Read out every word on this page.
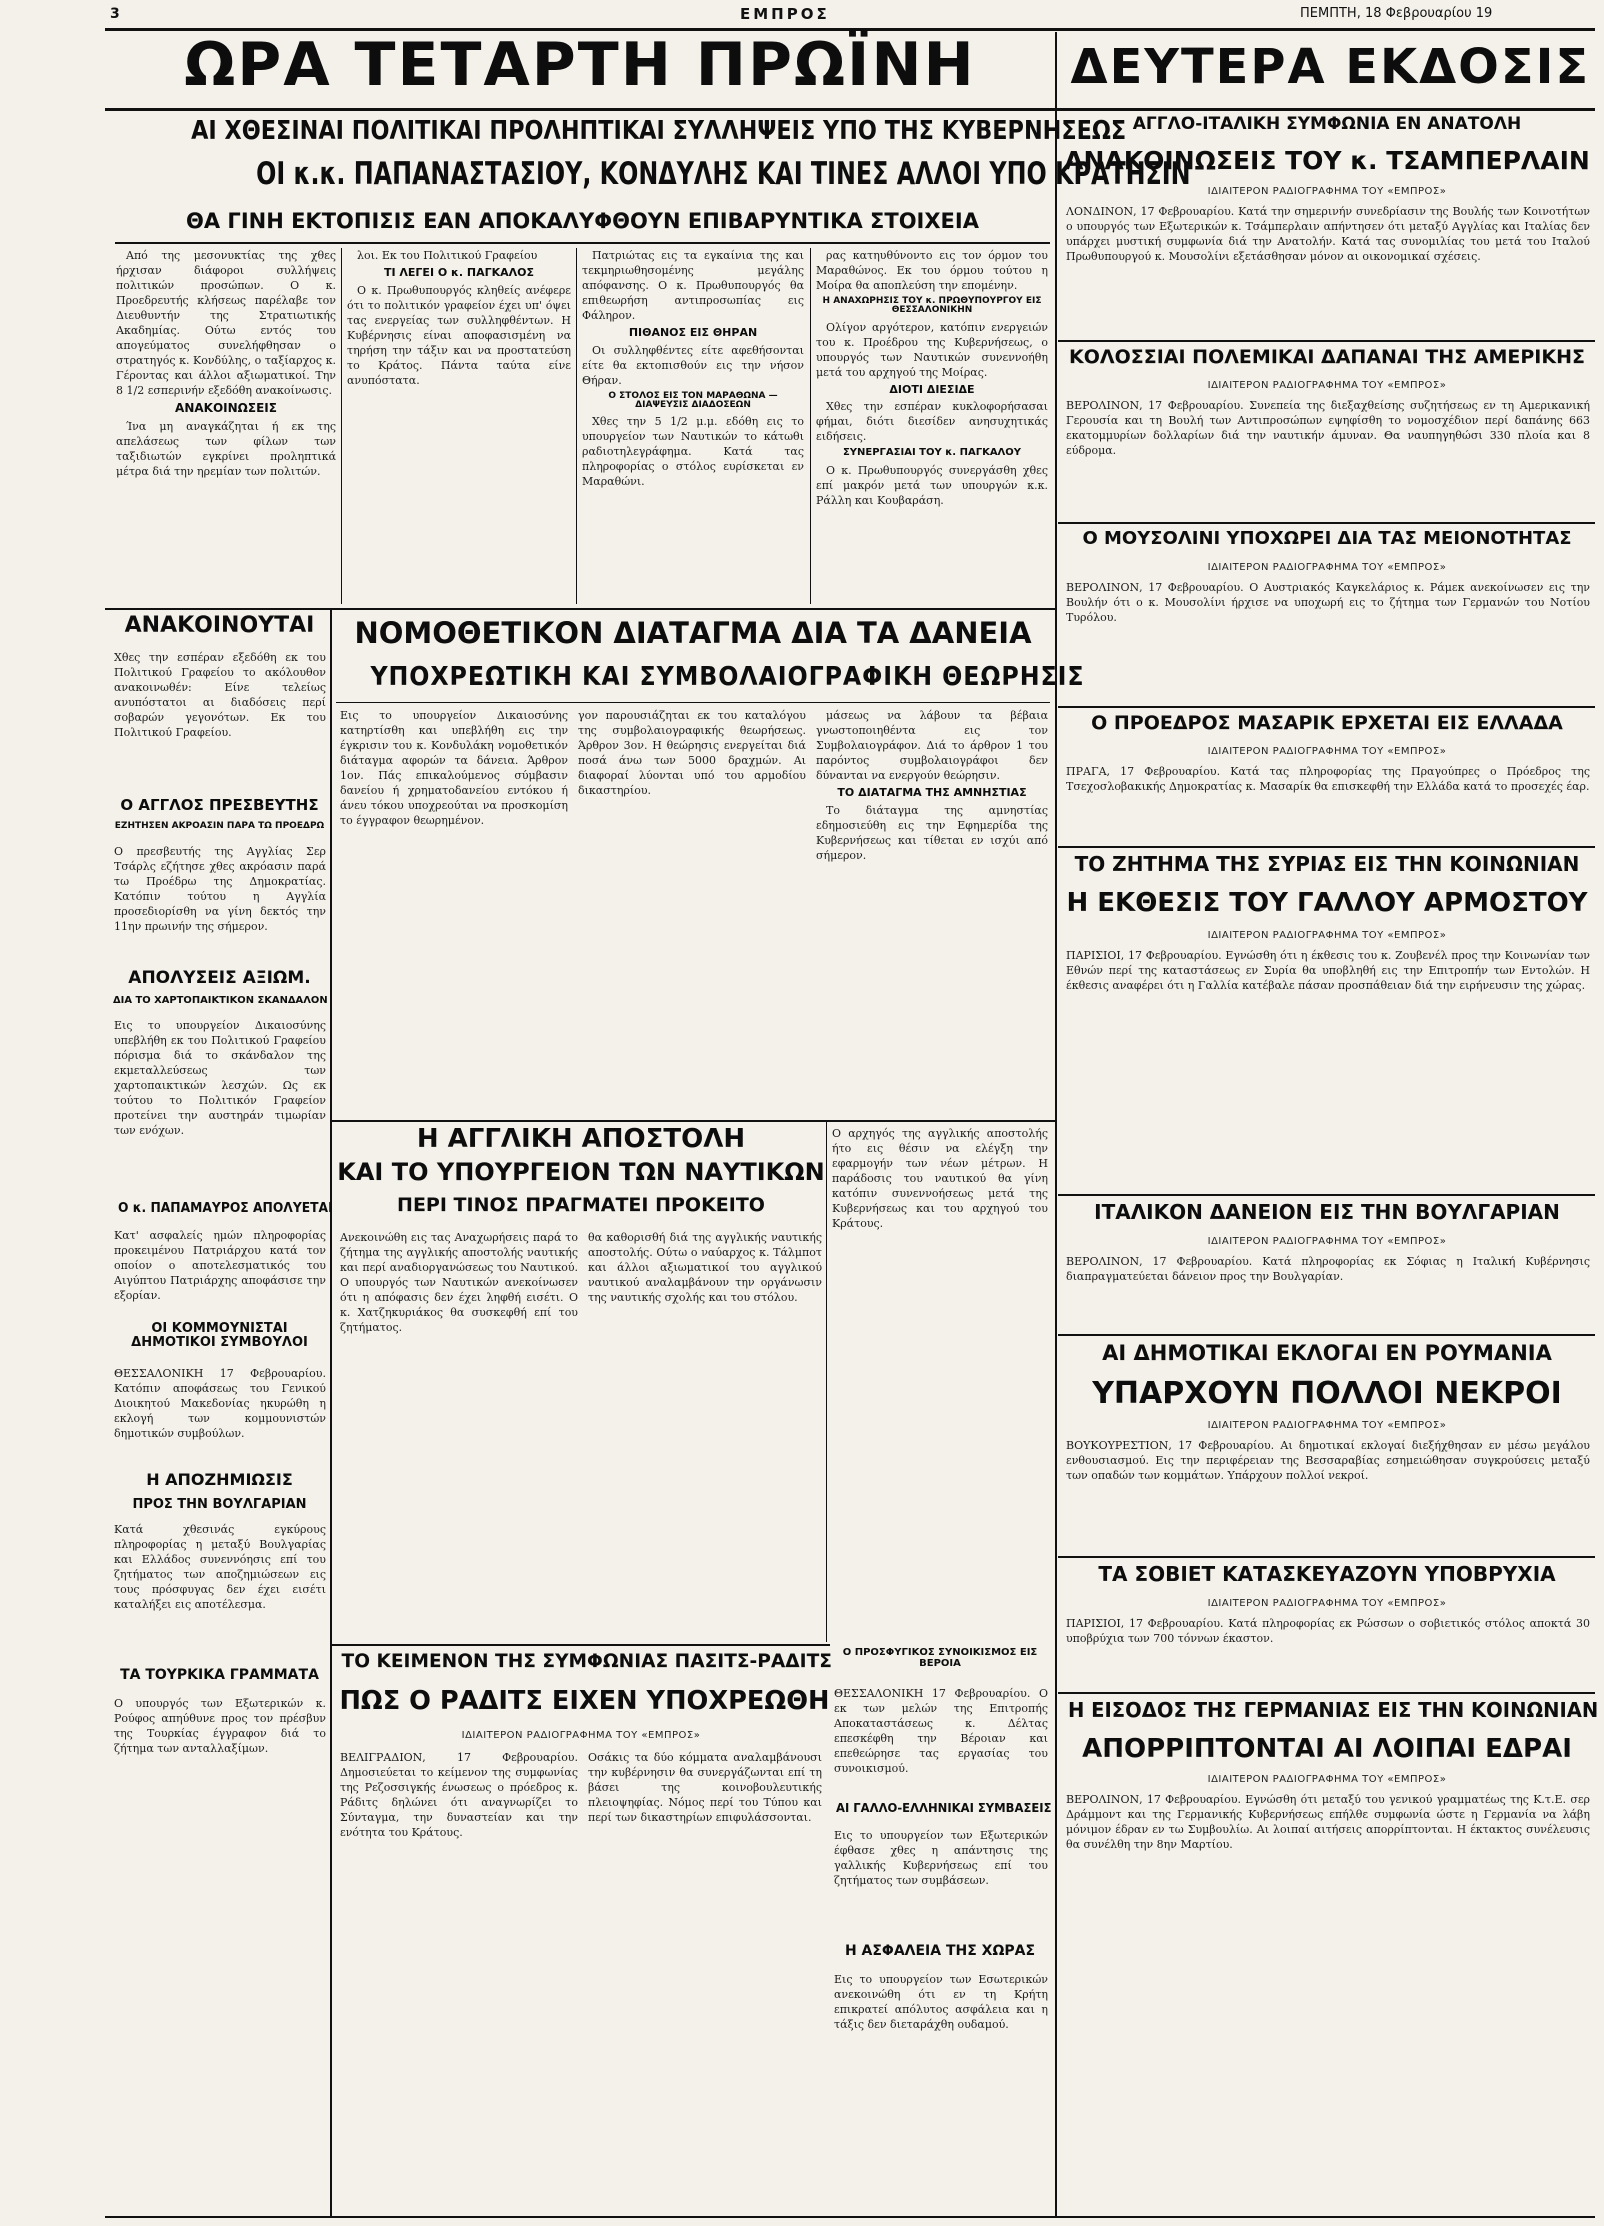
3	ΕΜΠΡΟΣ	ΠΕΜΠΤΗ, 18 Φεβρουαρίου 19
ΩΡΑ ΤΕΤΑΡΤΗ ΠΡΩΪΝΗ	ΔΕΥΤΕΡΑ ΕΚΔΟΣΙΣ
ΑΙ ΧΘΕΣΙΝΑΙ ΠΟΛΙΤΙΚΑΙ ΠΡΟΛΗΠΤΙΚΑΙ ΣΥΛΛΗΨΕΙΣ ΥΠΟ ΤΗΣ ΚΥΒΕΡΝΗΣΕΩΣ
ΟΙ κ.κ. ΠΑΠΑΝΑΣΤΑΣΙΟΥ, ΚΟΝΔΥΛΗΣ ΚΑΙ ΤΙΝΕΣ ΑΛΛΟΙ ΥΠΟ ΚΡΑΤΗΣΙΝ
ΘΑ ΓΙΝΗ ΕΚΤΟΠΙΣΙΣ ΕΑΝ ΑΠΟΚΑΛΥΦΘΟΥΝ ΕΠΙΒΑΡΥΝΤΙΚΑ ΣΤΟΙΧΕΙΑ

Από της μεσονυκτίας της χθες ήρχισαν διάφοροι συλλήψεις πολιτικών προσώπων. Ο κ. Προεδρευτής κλήσεως παρέλαβε τον Διευθυντήν της Στρατιωτικής Ακαδημίας. Ούτω εντός του απογεύματος συνελήφθησαν ο στρατηγός κ. Κονδύλης, ο ταξίαρχος κ. Γέροντας και άλλοι αξιωματικοί. Την 8 1/2 εσπερινήν εξεδόθη ανακοίνωσις.

ΑΝΑΚΟΙΝΩΣΕΙΣ

Ίνα μη αναγκάζηται ή εκ της απελάσεως των φίλων των ταξιδιωτών εγκρίνει προληπτικά μέτρα διά την ηρεμίαν των πολιτών.

λοι. Εκ του Πολιτικού Γραφείου

ΤΙ ΛΕΓΕΙ Ο κ. ΠΑΓΚΑΛΟΣ

Ο κ. Πρωθυπουργός κληθείς ανέφερε ότι το πολιτικόν γραφείον έχει υπ' όψει τας ενεργείας των συλληφθέντων. Η Κυβέρνησις είναι αποφασισμένη να τηρήση την τάξιν και να προστατεύση το Κράτος. Πάντα ταύτα είνε ανυπόστατα.

Πατριώτας εις τα εγκαίνια της και τεκμηριωθησομένης μεγάλης απόφανσης. Ο κ. Πρωθυπουργός θα επιθεωρήση αντιπροσωπίας εις Φάληρον.

ΠΙΘΑΝΟΣ ΕΙΣ ΘΗΡΑΝ

Οι συλληφθέντες είτε αφεθήσονται είτε θα εκτοπισθούν εις την νήσον Θήραν.

Ο ΣΤΟΛΟΣ ΕΙΣ ΤΟΝ ΜΑΡΑΘΩΝΑ — ΔΙΑΨΕΥΣΙΣ ΔΙΑΔΟΣΕΩΝ

Χθες την 5 1/2 μ.μ. εδόθη εις το υπουργείον των Ναυτικών το κάτωθι ραδιοτηλεγράφημα. Κατά τας πληροφορίας ο στόλος ευρίσκεται εν Μαραθώνι.

ρας κατηυθύνοντο εις τον όρμον του Μαραθώνος. Εκ του όρμου τούτου η Μοίρα θα αποπλεύση την επομένην.

Η ΑΝΑΧΩΡΗΣΙΣ ΤΟΥ κ. ΠΡΩΘΥΠΟΥΡΓΟΥ ΕΙΣ ΘΕΣΣΑΛΟΝΙΚΗΝ

Ολίγον αργότερον, κατόπιν ενεργειών του κ. Προέδρου της Κυβερνήσεως, ο υπουργός των Ναυτικών συνεννοήθη μετά του αρχηγού της Μοίρας.

ΔΙΟΤΙ ΔΙΕΣΙΔΕ

Χθες την εσπέραν κυκλοφορήσασαι φήμαι, διότι διεσίδεν ανησυχητικάς ειδήσεις.

ΣΥΝΕΡΓΑΣΙΑΙ ΤΟΥ κ. ΠΑΓΚΑΛΟΥ

Ο κ. Πρωθυπουργός συνεργάσθη χθες επί μακρόν μετά των υπουργών κ.κ. Ράλλη και Κουβαράση.

ΑΝΑΚΟΙΝΟΥΤΑΙ
Χθες την εσπέραν εξεδόθη εκ του Πολιτικού Γραφείου το ακόλουθον ανακοινωθέν: Είνε τελείως ανυπόστατοι αι διαδόσεις περί σοβαρών γεγονότων. Εκ του Πολιτικού Γραφείου.
Ο ΑΓΓΛΟΣ ΠΡΕΣΒΕΥΤΗΣ
ΕΖΗΤΗΣΕΝ ΑΚΡΟΑΣΙΝ ΠΑΡΑ ΤΩ ΠΡΟΕΔΡΩ
Ο πρεσβευτής της Αγγλίας Σερ Τσάρλς εζήτησε χθες ακρόασιν παρά τω Προέδρω της Δημοκρατίας. Κατόπιν τούτου η Αγγλία προσεδιορίσθη να γίνη δεκτός την 11ην πρωινήν της σήμερον.
ΑΠΟΛΥΣΕΙΣ ΑΞΙΩΜ.
ΔΙΑ ΤΟ ΧΑΡΤΟΠΑΙΚΤΙΚΟΝ ΣΚΑΝΔΑΛΟΝ
Εις το υπουργείον Δικαιοσύνης υπεβλήθη εκ του Πολιτικού Γραφείου πόρισμα διά το σκάνδαλον της εκμεταλλεύσεως των χαρτοπαικτικών λεσχών. Ως εκ τούτου το Πολιτικόν Γραφείον προτείνει την αυστηράν τιμωρίαν των ενόχων.
Ο κ. ΠΑΠΑΜΑΥΡΟΣ ΑΠΟΛΥΕΤΑΙ
Κατ' ασφαλείς ημών πληροφορίας προκειμένου Πατριάρχου κατά τον οποίον ο αποτελεσματικός του Αιγύπτου Πατριάρχης αποφάσισε την εξορίαν.
ΟΙ ΚΟΜΜΟΥΝΙΣΤΑΙ ΔΗΜΟΤΙΚΟΙ ΣΥΜΒΟΥΛΟΙ
ΘΕΣΣΑΛΟΝΙΚΗ 17 Φεβρουαρίου. Κατόπιν αποφάσεως του Γενικού Διοικητού Μακεδονίας ηκυρώθη η εκλογή των κομμουνιστών δημοτικών συμβούλων.
Η ΑΠΟΖΗΜΙΩΣΙΣ
ΠΡΟΣ ΤΗΝ ΒΟΥΛΓΑΡΙΑΝ
Κατά χθεσινάς εγκύρους πληροφορίας η μεταξύ Βουλγαρίας και Ελλάδος συνεννόησις επί του ζητήματος των αποζημιώσεων εις τους πρόσφυγας δεν έχει εισέτι καταλήξει εις αποτέλεσμα.
ΤΑ ΤΟΥΡΚΙΚΑ ΓΡΑΜΜΑΤΑ
Ο υπουργός των Εξωτερικών κ. Ρούφος απηύθυνε προς τον πρέσβυν της Τουρκίας έγγραφον διά το ζήτημα των ανταλλαξίμων.
ΝΟΜΟΘΕΤΙΚΟΝ ΔΙΑΤΑΓΜΑ ΔΙΑ ΤΑ ΔΑΝΕΙΑ
ΥΠΟΧΡΕΩΤΙΚΗ ΚΑΙ ΣΥΜΒΟΛΑΙΟΓΡΑΦΙΚΗ ΘΕΩΡΗΣΙΣ
Εις το υπουργείον Δικαιοσύνης κατηρτίσθη και υπεβλήθη εις την έγκρισιν του κ. Κονδυλάκη νομοθετικόν διάταγμα αφορών τα δάνεια. Άρθρον 1ον. Πάς επικαλούμενος σύμβασιν δανείου ή χρηματοδανείου εντόκου ή άνευ τόκου υποχρεούται να προσκομίση το έγγραφον θεωρημένον.
γον παρουσιάζηται εκ του καταλόγου της συμβολαιογραφικής θεωρήσεως. Άρθρον 3ον. Η θεώρησις ενεργείται διά ποσά άνω των 5000 δραχμών. Αι διαφοραί λύονται υπό του αρμοδίου δικαστηρίου.

μάσεως να λάβουν τα βέβαια γνωστοποιηθέντα εις τον Συμβολαιογράφον. Διά το άρθρον 1 του παρόντος συμβολαιογράφοι δεν δύνανται να ενεργούν θεώρησιν.

ΤΟ ΔΙΑΤΑΓΜΑ ΤΗΣ ΑΜΝΗΣΤΙΑΣ

Το διάταγμα της αμνηστίας εδημοσιεύθη εις την Εφημερίδα της Κυβερνήσεως και τίθεται εν ισχύι από σήμερον.

Η ΑΓΓΛΙΚΗ ΑΠΟΣΤΟΛΗ
ΚΑΙ ΤΟ ΥΠΟΥΡΓΕΙΟΝ ΤΩΝ ΝΑΥΤΙΚΩΝ
ΠΕΡΙ ΤΙΝΟΣ ΠΡΑΓΜΑΤΕΙ ΠΡΟΚΕΙΤΟ
Ανεκοινώθη εις τας Αναχωρήσεις παρά το ζήτημα της αγγλικής αποστολής ναυτικής και περί αναδιοργανώσεως του Ναυτικού. Ο υπουργός των Ναυτικών ανεκοίνωσεν ότι η απόφασις δεν έχει ληφθή εισέτι. Ο κ. Χατζηκυριάκος θα συσκεφθή επί του ζητήματος.
θα καθορισθή διά της αγγλικής ναυτικής αποστολής. Ούτω ο ναύαρχος κ. Τάλμποτ και άλλοι αξιωματικοί του αγγλικού ναυτικού αναλαμβάνουν την οργάνωσιν της ναυτικής σχολής και του στόλου.
Ο αρχηγός της αγγλικής αποστολής ήτο εις θέσιν να ελέγξη την εφαρμογήν των νέων μέτρων. Η παράδοσις του ναυτικού θα γίνη κατόπιν συνεννοήσεως μετά της Κυβερνήσεως και του αρχηγού του Κράτους.
ΤΟ ΚΕΙΜΕΝΟΝ ΤΗΣ ΣΥΜΦΩΝΙΑΣ ΠΑΣΙΤΣ-ΡΑΔΙΤΣ
ΠΩΣ Ο ΡΑΔΙΤΣ ΕΙΧΕΝ ΥΠΟΧΡΕΩΘΗ
ΙΔΙΑΙΤΕΡΟΝ ΡΑΔΙΟΓΡΑΦΗΜΑ ΤΟΥ «ΕΜΠΡΟΣ»
ΒΕΛΙΓΡΑΔΙΟΝ, 17 Φεβρουαρίου. Δημοσιεύεται το κείμενον της συμφωνίας της Ρεζοσσιγκής ένωσεως ο πρόεδρος κ. Ράδιτς δηλώνει ότι αναγνωρίζει το Σύνταγμα, την δυναστείαν και την ενότητα του Κράτους.
Οσάκις τα δύο κόμματα αναλαμβάνουσι την κυβέρνησιν θα συνεργάζωνται επί τη βάσει της κοινοβουλευτικής πλειοψηφίας. Νόμος περί του Τύπου και περί των δικαστηρίων επιφυλάσσονται.
Ο ΠΡΟΣΦΥΓΙΚΟΣ ΣΥΝΟΙΚΙΣΜΟΣ ΕΙΣ ΒΕΡΟΙΑ
ΘΕΣΣΑΛΟΝΙΚΗ 17 Φεβρουαρίου. Ο εκ των μελών της Επιτροπής Αποκαταστάσεως κ. Δέλτας επεσκέφθη την Βέροιαν και επεθεώρησε τας εργασίας του συνοικισμού.
ΑΙ ΓΑΛΛΟ-ΕΛΛΗΝΙΚΑΙ ΣΥΜΒΑΣΕΙΣ
Εις το υπουργείον των Εξωτερικών έφθασε χθες η απάντησις της γαλλικής Κυβερνήσεως επί του ζητήματος των συμβάσεων.
Η ΑΣΦΑΛΕΙΑ ΤΗΣ ΧΩΡΑΣ
Εις το υπουργείον των Εσωτερικών ανεκοινώθη ότι εν τη Κρήτη επικρατεί απόλυτος ασφάλεια και η τάξις δεν διεταράχθη ουδαμού.
ΑΓΓΛΟ-ΙΤΑΛΙΚΗ ΣΥΜΦΩΝΙΑ ΕΝ ΑΝΑΤΟΛΗ
ΑΝΑΚΟΙΝΩΣΕΙΣ ΤΟΥ κ. ΤΣΑΜΠΕΡΛΑΙΝ
ΙΔΙΑΙΤΕΡΟΝ ΡΑΔΙΟΓΡΑΦΗΜΑ ΤΟΥ «ΕΜΠΡΟΣ»
ΛΟΝΔΙΝΟΝ, 17 Φεβρουαρίου. Κατά την σημερινήν συνεδρίασιν της Βουλής των Κοινοτήτων ο υπουργός των Εξωτερικών κ. Τσάμπερλαιν απήντησεν ότι μεταξύ Αγγλίας και Ιταλίας δεν υπάρχει μυστική συμφωνία διά την Ανατολήν. Κατά τας συνομιλίας του μετά του Ιταλού Πρωθυπουργού κ. Μουσολίνι εξετάσθησαν μόνον αι οικονομικαί σχέσεις.
ΚΟΛΟΣΣΙΑΙ ΠΟΛΕΜΙΚΑΙ ΔΑΠΑΝΑΙ ΤΗΣ ΑΜΕΡΙΚΗΣ
ΙΔΙΑΙΤΕΡΟΝ ΡΑΔΙΟΓΡΑΦΗΜΑ ΤΟΥ «ΕΜΠΡΟΣ»
ΒΕΡΟΛΙΝΟΝ, 17 Φεβρουαρίου. Συνεπεία της διεξαχθείσης συζητήσεως εν τη Αμερικανική Γερουσία και τη Βουλή των Αντιπροσώπων εψηφίσθη το νομοσχέδιον περί δαπάνης 663 εκατομμυρίων δολλαρίων διά την ναυτικήν άμυναν. Θα ναυπηγηθώσι 330 πλοία και 8 εύδρομα.
Ο ΜΟΥΣΟΛΙΝΙ ΥΠΟΧΩΡΕΙ ΔΙΑ ΤΑΣ ΜΕΙΟΝΟΤΗΤΑΣ
ΙΔΙΑΙΤΕΡΟΝ ΡΑΔΙΟΓΡΑΦΗΜΑ ΤΟΥ «ΕΜΠΡΟΣ»
ΒΕΡΟΛΙΝΟΝ, 17 Φεβρουαρίου. Ο Αυστριακός Καγκελάριος κ. Ράμεκ ανεκοίνωσεν εις την Βουλήν ότι ο κ. Μουσολίνι ήρχισε να υποχωρή εις το ζήτημα των Γερμανών του Νοτίου Τυρόλου.
Ο ΠΡΟΕΔΡΟΣ ΜΑΣΑΡΙΚ ΕΡΧΕΤΑΙ ΕΙΣ ΕΛΛΑΔΑ
ΙΔΙΑΙΤΕΡΟΝ ΡΑΔΙΟΓΡΑΦΗΜΑ ΤΟΥ «ΕΜΠΡΟΣ»
ΠΡΑΓΑ, 17 Φεβρουαρίου. Κατά τας πληροφορίας της Πραγούπρες ο Πρόεδρος της Τσεχοσλοβακικής Δημοκρατίας κ. Μασαρίκ θα επισκεφθή την Ελλάδα κατά το προσεχές έαρ.
ΤΟ ΖΗΤΗΜΑ ΤΗΣ ΣΥΡΙΑΣ ΕΙΣ ΤΗΝ ΚΟΙΝΩΝΙΑΝ
Η ΕΚΘΕΣΙΣ ΤΟΥ ΓΑΛΛΟΥ ΑΡΜΟΣΤΟΥ
ΙΔΙΑΙΤΕΡΟΝ ΡΑΔΙΟΓΡΑΦΗΜΑ ΤΟΥ «ΕΜΠΡΟΣ»
ΠΑΡΙΣΙΟΙ, 17 Φεβρουαρίου. Εγνώσθη ότι η έκθεσις του κ. Ζουβενέλ προς την Κοινωνίαν των Εθνών περί της καταστάσεως εν Συρία θα υποβληθή εις την Επιτροπήν των Εντολών. Η έκθεσις αναφέρει ότι η Γαλλία κατέβαλε πάσαν προσπάθειαν διά την ειρήνευσιν της χώρας.
ΙΤΑΛΙΚΟΝ ΔΑΝΕΙΟΝ ΕΙΣ ΤΗΝ ΒΟΥΛΓΑΡΙΑΝ
ΙΔΙΑΙΤΕΡΟΝ ΡΑΔΙΟΓΡΑΦΗΜΑ ΤΟΥ «ΕΜΠΡΟΣ»
ΒΕΡΟΛΙΝΟΝ, 17 Φεβρουαρίου. Κατά πληροφορίας εκ Σόφιας η Ιταλική Κυβέρνησις διαπραγματεύεται δάνειον προς την Βουλγαρίαν.
ΑΙ ΔΗΜΟΤΙΚΑΙ ΕΚΛΟΓΑΙ ΕΝ ΡΟΥΜΑΝΙΑ
ΥΠΑΡΧΟΥΝ ΠΟΛΛΟΙ ΝΕΚΡΟΙ
ΙΔΙΑΙΤΕΡΟΝ ΡΑΔΙΟΓΡΑΦΗΜΑ ΤΟΥ «ΕΜΠΡΟΣ»
ΒΟΥΚΟΥΡΕΣΤΙΟΝ, 17 Φεβρουαρίου. Αι δημοτικαί εκλογαί διεξήχθησαν εν μέσω μεγάλου ενθουσιασμού. Εις την περιφέρειαν της Βεσσαραβίας εσημειώθησαν συγκρούσεις μεταξύ των οπαδών των κομμάτων. Υπάρχουν πολλοί νεκροί.
ΤΑ ΣΟΒΙΕΤ ΚΑΤΑΣΚΕΥΑΖΟΥΝ ΥΠΟΒΡΥΧΙΑ
ΙΔΙΑΙΤΕΡΟΝ ΡΑΔΙΟΓΡΑΦΗΜΑ ΤΟΥ «ΕΜΠΡΟΣ»
ΠΑΡΙΣΙΟΙ, 17 Φεβρουαρίου. Κατά πληροφορίας εκ Ρώσσων ο σοβιετικός στόλος αποκτά 30 υποβρύχια των 700 τόννων έκαστον.
Η ΕΙΣΟΔΟΣ ΤΗΣ ΓΕΡΜΑΝΙΑΣ ΕΙΣ ΤΗΝ ΚΟΙΝΩΝΙΑΝ
ΑΠΟΡΡΙΠΤΟΝΤΑΙ ΑΙ ΛΟΙΠΑΙ ΕΔΡΑΙ
ΙΔΙΑΙΤΕΡΟΝ ΡΑΔΙΟΓΡΑΦΗΜΑ ΤΟΥ «ΕΜΠΡΟΣ»
ΒΕΡΟΛΙΝΟΝ, 17 Φεβρουαρίου. Εγνώσθη ότι μεταξύ του γενικού γραμματέως της Κ.τ.Ε. σερ Δράμμοντ και της Γερμανικής Κυβερνήσεως επήλθε συμφωνία ώστε η Γερμανία να λάβη μόνιμον έδραν εν τω Συμβουλίω. Αι λοιπαί αιτήσεις απορρίπτονται. Η έκτακτος συνέλευσις θα συνέλθη την 8ην Μαρτίου.
